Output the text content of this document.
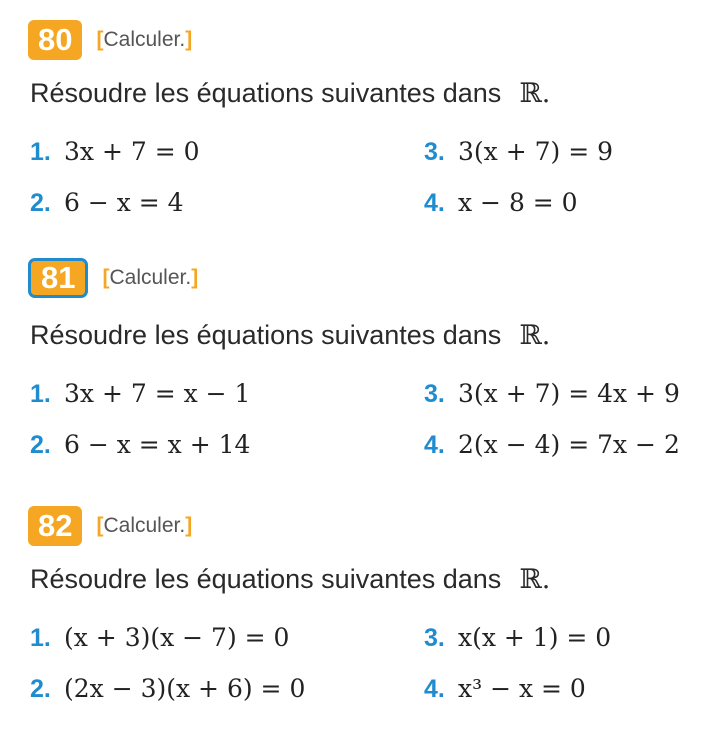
80	[Calculer.]
Résoudre les équations suivantes dans ℝ.
1. 3x + 7 = 0	3. 3(x + 7) = 9
2. 6 − x = 4	4. x − 8 = 0
81	[Calculer.]
Résoudre les équations suivantes dans ℝ.
1. 3x + 7 = x − 1	3. 3(x + 7) = 4x + 9
2. 6 − x = x + 14	4. 2(x − 4) = 7x − 2
82	[Calculer.]
Résoudre les équations suivantes dans ℝ.
1. (x + 3)(x − 7) = 0	3. x(x + 1) = 0
2. (2x − 3)(x + 6) = 0	4. x³ − x = 0
